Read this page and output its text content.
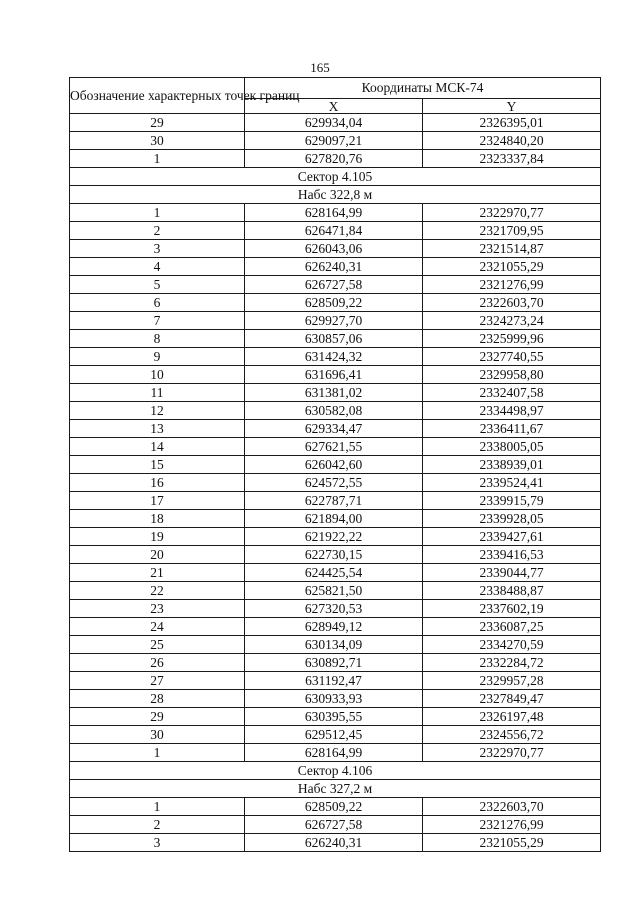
165
Обозначение характерных точек границ	Координаты МСК-74	
	X	Y
29	629934,04	2326395,01
30	629097,21	2324840,20
1	627820,76	2323337,84
Сектор 4.105		
Набс 322,8 м		
1	628164,99	2322970,77
2	626471,84	2321709,95
3	626043,06	2321514,87
4	626240,31	2321055,29
5	626727,58	2321276,99
6	628509,22	2322603,70
7	629927,70	2324273,24
8	630857,06	2325999,96
9	631424,32	2327740,55
10	631696,41	2329958,80
11	631381,02	2332407,58
12	630582,08	2334498,97
13	629334,47	2336411,67
14	627621,55	2338005,05
15	626042,60	2338939,01
16	624572,55	2339524,41
17	622787,71	2339915,79
18	621894,00	2339928,05
19	621922,22	2339427,61
20	622730,15	2339416,53
21	624425,54	2339044,77
22	625821,50	2338488,87
23	627320,53	2337602,19
24	628949,12	2336087,25
25	630134,09	2334270,59
26	630892,71	2332284,72
27	631192,47	2329957,28
28	630933,93	2327849,47
29	630395,55	2326197,48
30	629512,45	2324556,72
1	628164,99	2322970,77
Сектор 4.106		
Набс 327,2 м		
1	628509,22	2322603,70
2	626727,58	2321276,99
3	626240,31	2321055,29
